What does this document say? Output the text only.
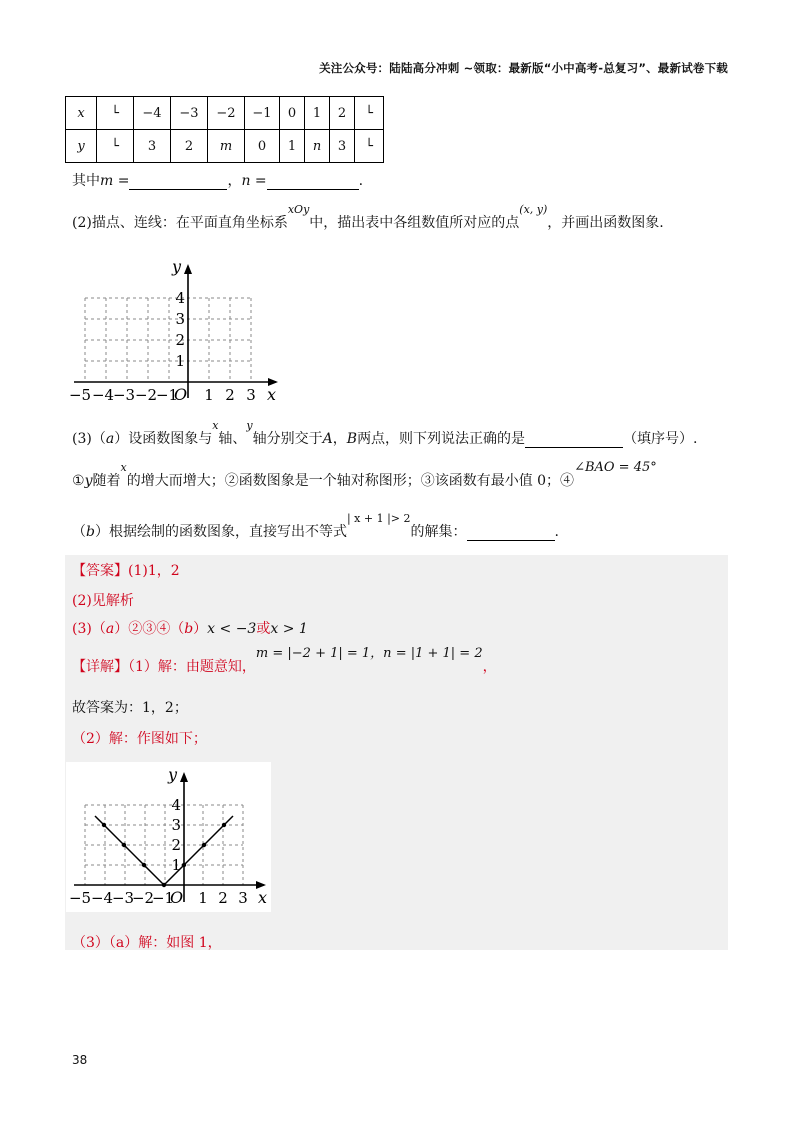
关注公众号：陆陆高分冲刺 ~领取：最新版“小中高考-总复习”、最新试卷下载
x	└	−4	−3	−2	−1	0	1	2	└
y	└	3	2	m	0	1	n	3	└
其中m =	，n =	.
(2)描点、连线：在平面直角坐标系$^{xOy}$中，描出表中各组数值所对应的点$^{(x, y)}$，并画出函数图象.
y
x
O
−5 −4
−3 −2
−1 1 2 3
4
3
2
1
(3)（a）设函数图象与$^x$轴、$^y$轴分别交于A，B两点，则下列说法正确的是	（填序号）.
①y随着$^x$的增大而增大；②函数图象是一个轴对称图形；③该函数有最小值 0；④∠BAO = 45°
（b）根据绘制的函数图象，直接写出不等式$^{| x + 1 |> 2}$的解集：	.
【答案】(1)1，2
(2)见解析
(3)（a）②③④（b）x < −3或x > 1
【详解】（1）解：由题意知，m = |−2 + 1| = 1，n = |1 + 1| = 2，
故答案为：1，2；
（2）解：作图如下；
y
x
O
−5 −4
−3
−2
−1 1 2 3
4
3
2
1
（3）（a）解：如图 1，
38
